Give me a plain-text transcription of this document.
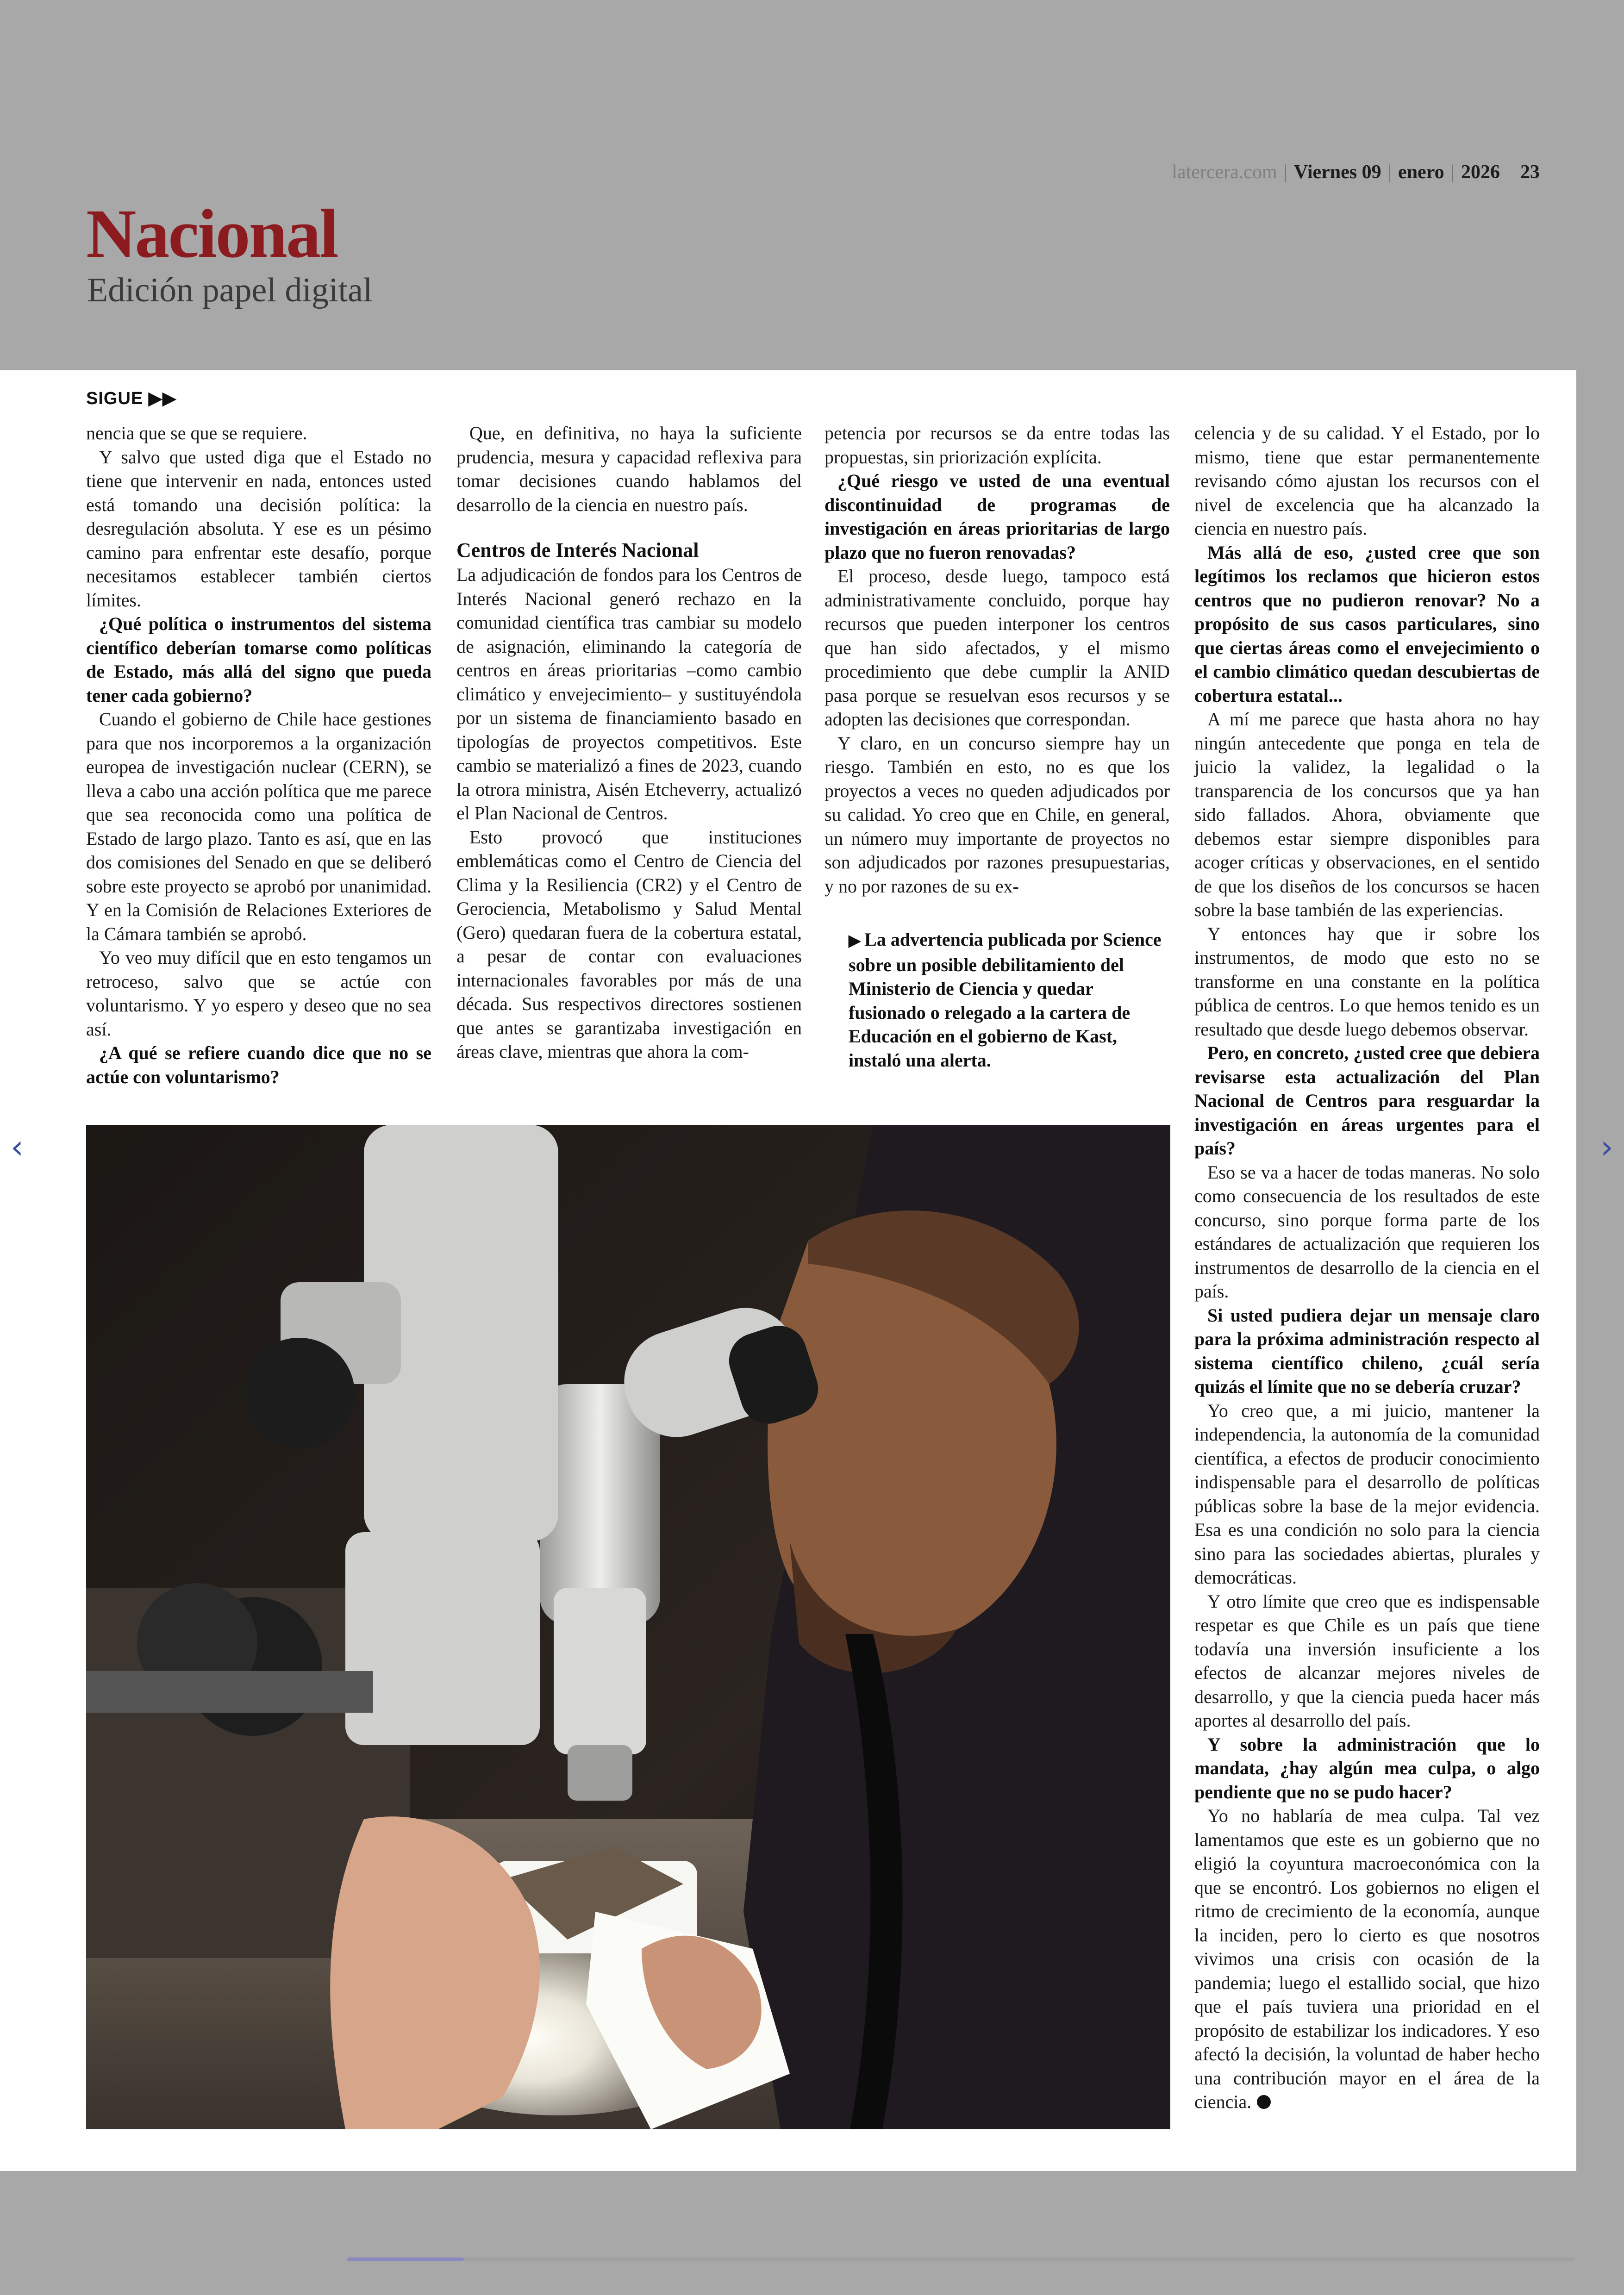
latercera.com | Viernes 09 | enero | 2026 23
Nacional
Edición papel digital
SIGUE ▶▶

nencia que se que se requiere.

Y salvo que usted diga que el Estado no tiene que intervenir en nada, entonces usted está tomando una decisión política: la desregulación absoluta. Y ese es un pésimo camino para enfrentar este desafío, porque necesitamos establecer también ciertos límites.

¿Qué política o instrumentos del sistema científico deberían tomarse como políticas de Estado, más allá del signo que pueda tener cada gobierno?

Cuando el gobierno de Chile hace gestiones para que nos incorporemos a la organización europea de investigación nuclear (CERN), se lleva a cabo una acción política que me parece que sea reconocida como una política de Estado de largo plazo. Tanto es así, que en las dos comisiones del Senado en que se deliberó sobre este proyecto se aprobó por unanimidad. Y en la Comisión de Relaciones Exteriores de la Cámara también se aprobó.

Yo veo muy difícil que en esto tengamos un retroceso, salvo que se actúe con voluntarismo. Y yo espero y deseo que no sea así.

¿A qué se refiere cuando dice que no se actúe con voluntarismo?

Que, en definitiva, no haya la suficiente prudencia, mesura y capacidad reflexiva para tomar decisiones cuando hablamos del desarrollo de la ciencia en nuestro país.

Centros de Interés Nacional

La adjudicación de fondos para los Centros de Interés Nacional generó rechazo en la comunidad científica tras cambiar su modelo de asignación, eliminando la categoría de centros en áreas prioritarias –como cambio climático y envejecimiento– y sustituyéndola por un sistema de financiamiento basado en tipologías de proyectos competitivos. Este cambio se materializó a fines de 2023, cuando la otrora ministra, Aisén Etcheverry, actualizó el Plan Nacional de Centros.

Esto provocó que instituciones emblemáticas como el Centro de Ciencia del Clima y la Resiliencia (CR2) y el Centro de Gerociencia, Metabolismo y Salud Mental (Gero) quedaran fuera de la cobertura estatal, a pesar de contar con evaluaciones internacionales favorables por más de una década. Sus respectivos directores sostienen que antes se garantizaba investigación en áreas clave, mientras que ahora la com-

petencia por recursos se da entre todas las propuestas, sin priorización explícita.

¿Qué riesgo ve usted de una eventual discontinuidad de programas de investigación en áreas prioritarias de largo plazo que no fueron renovadas?

El proceso, desde luego, tampoco está administrativamente concluido, porque hay recursos que pueden interponer los centros que han sido afectados, y el mismo procedimiento que debe cumplir la ANID pasa porque se resuelvan esos recursos y se adopten las decisiones que correspondan.

Y claro, en un concurso siempre hay un riesgo. También en esto, no es que los proyectos a veces no queden adjudicados por su calidad. Yo creo que en Chile, en general, un número muy importante de proyectos no son adjudicados por razones presupuestarias, y no por razones de su ex-

▶ La advertencia publicada por Science sobre un posible debilitamiento del Ministerio de Ciencia y quedar fusionado o relegado a la cartera de Educación en el gobierno de Kast, instaló una alerta.

celencia y de su calidad. Y el Estado, por lo mismo, tiene que estar permanentemente revisando cómo ajustan los recursos con el nivel de excelencia que ha alcanzado la ciencia en nuestro país.

Más allá de eso, ¿usted cree que son legítimos los reclamos que hicieron estos centros que no pudieron renovar? No a propósito de sus casos particulares, sino que ciertas áreas como el envejecimiento o el cambio climático quedan descubiertas de cobertura estatal...

A mí me parece que hasta ahora no hay ningún antecedente que ponga en tela de juicio la validez, la legalidad o la transparencia de los concursos que ya han sido fallados. Ahora, obviamente que debemos estar siempre disponibles para acoger críticas y observaciones, en el sentido de que los diseños de los concursos se hacen sobre la base también de las experiencias.

Y entonces hay que ir sobre los instrumentos, de modo que esto no se transforme en una constante en la política pública de centros. Lo que hemos tenido es un resultado que desde luego debemos observar.

Pero, en concreto, ¿usted cree que debiera revisarse esta actualización del Plan Nacional de Centros para resguardar la investigación en áreas urgentes para el país?

Eso se va a hacer de todas maneras. No solo como consecuencia de los resultados de este concurso, sino porque forma parte de los estándares de actualización que requieren los instrumentos de desarrollo de la ciencia en el país.

Si usted pudiera dejar un mensaje claro para la próxima administración respecto al sistema científico chileno, ¿cuál sería quizás el límite que no se debería cruzar?

Yo creo que, a mi juicio, mantener la independencia, la autonomía de la comunidad científica, a efectos de producir conocimiento indispensable para el desarrollo de políticas públicas sobre la base de la mejor evidencia. Esa es una condición no solo para la ciencia sino para las sociedades abiertas, plurales y democráticas.

Y otro límite que creo que es indispensable respetar es que Chile es un país que tiene todavía una inversión insuficiente a los efectos de alcanzar mejores niveles de desarrollo, y que la ciencia pueda hacer más aportes al desarrollo del país.

Y sobre la administración que lo mandata, ¿hay algún mea culpa, o algo pendiente que no se pudo hacer?

Yo no hablaría de mea culpa. Tal vez lamentamos que este es un gobierno que no eligió la coyuntura macroeconómica con la que se encontró. Los gobiernos no eligen el ritmo de crecimiento de la economía, aunque la inciden, pero lo cierto es que nosotros vivimos una crisis con ocasión de la pandemia; luego el estallido social, que hizo que el país tuviera una prioridad en el propósito de estabilizar los indicadores. Y eso afectó la decisión, la voluntad de haber hecho una contribución mayor en el área de la ciencia.

‹	›
